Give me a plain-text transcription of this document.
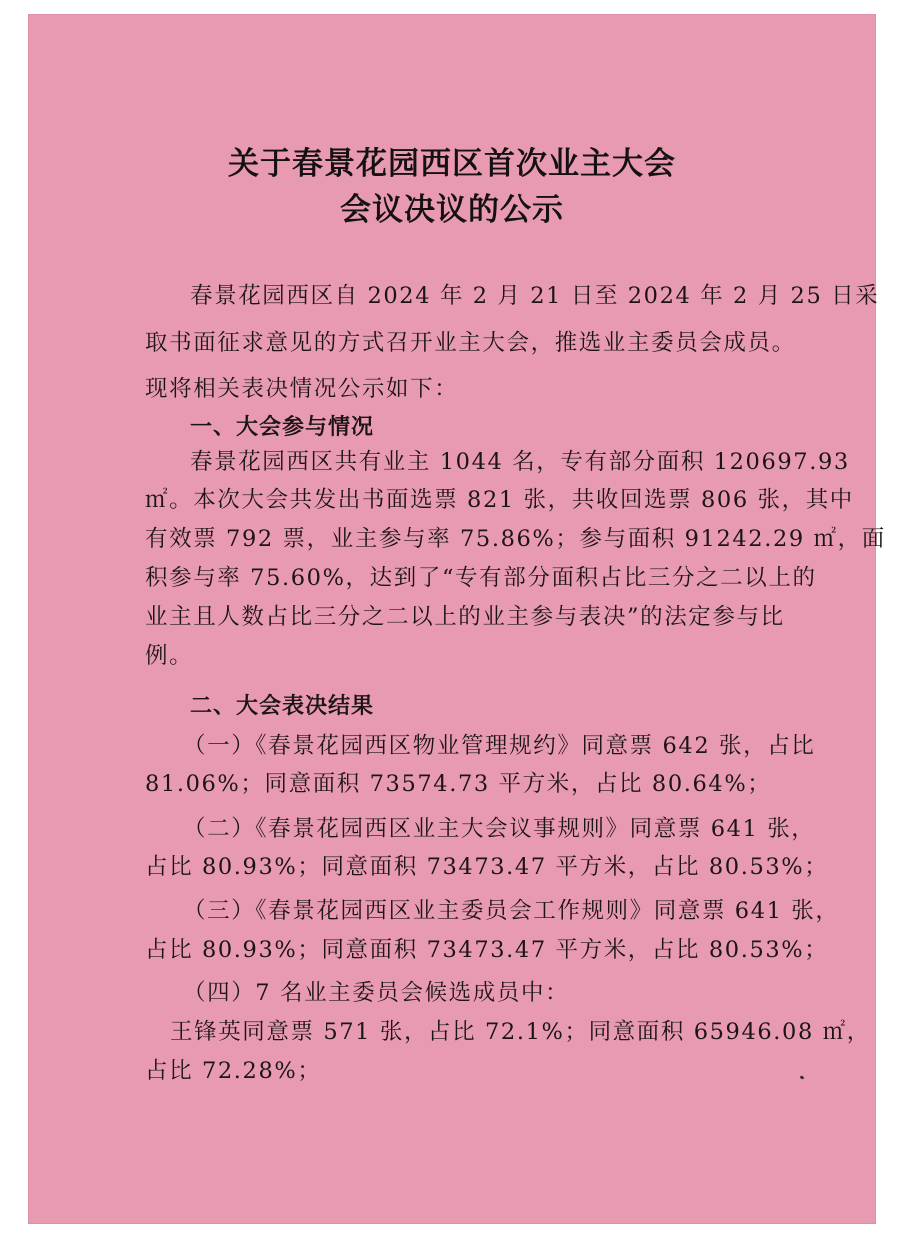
关于春景花园西区首次业主大会
会议决议的公示
春景花园西区自 2024 年 2 月 21 日至 2024 年 2 月 25 日采
取书面征求意见的方式召开业主大会，推选业主委员会成员。
现将相关表决情况公示如下：
一、大会参与情况
春景花园西区共有业主 1044 名，专有部分面积 120697.93
㎡。本次大会共发出书面选票 821 张，共收回选票 806 张，其中
有效票 792 票，业主参与率 75.86%；参与面积 91242.29 ㎡，面
积参与率 75.60%，达到了“专有部分面积占比三分之二以上的
业主且人数占比三分之二以上的业主参与表决”的法定参与比
例。
二、大会表决结果
（一）《春景花园西区物业管理规约》同意票 642 张，占比
81.06%；同意面积 73574.73 平方米，占比 80.64%；
（二）《春景花园西区业主大会议事规则》同意票 641 张，
占比 80.93%；同意面积 73473.47 平方米，占比 80.53%；
（三）《春景花园西区业主委员会工作规则》同意票 641 张，
占比 80.93%；同意面积 73473.47 平方米，占比 80.53%；
（四）7 名业主委员会候选成员中：
王锋英同意票 571 张，占比 72.1%；同意面积 65946.08 ㎡，
占比 72.28%；
